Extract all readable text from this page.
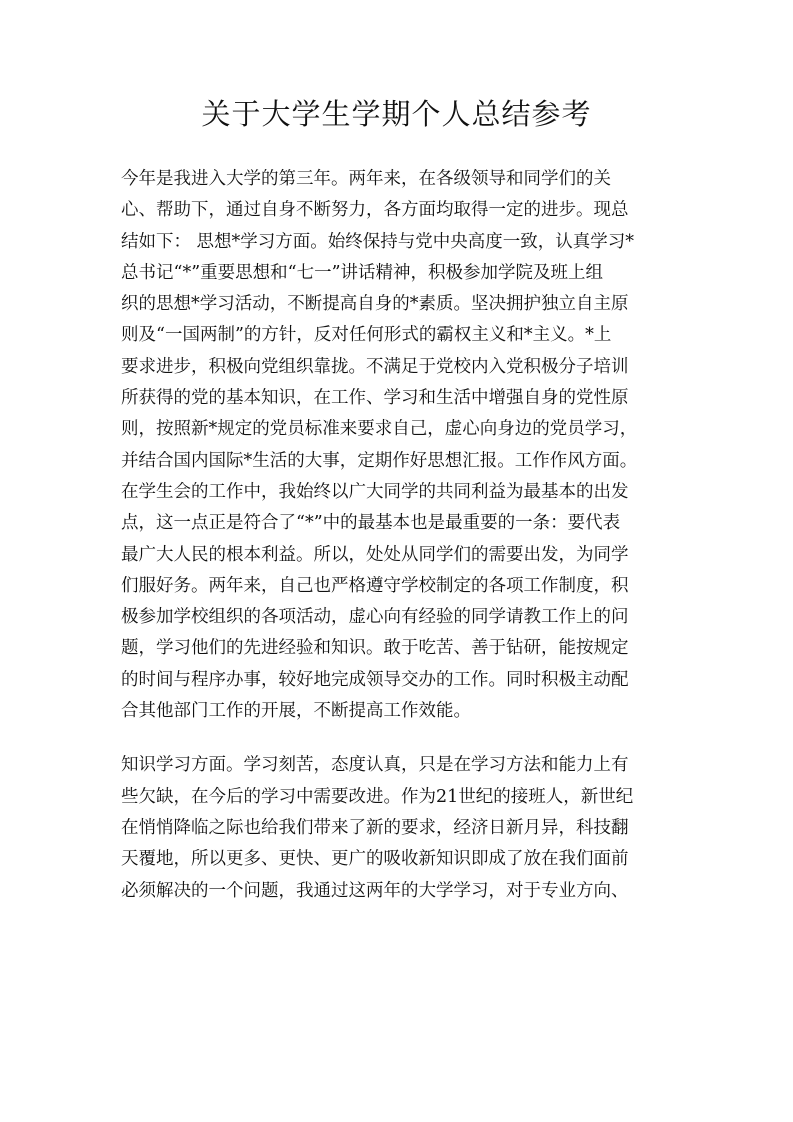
关于大学生学期个人总结参考
今年是我进入大学的第三年。两年来，在各级领导和同学们的关
心、帮助下，通过自身不断努力，各方面均取得一定的进步。现总
结如下： 思想*学习方面。始终保持与党中央高度一致，认真学习*
总书记“*”重要思想和“七一”讲话精神，积极参加学院及班上组
织的思想*学习活动，不断提高自身的*素质。坚决拥护独立自主原
则及“一国两制”的方针，反对任何形式的霸权主义和*主义。*上
要求进步，积极向党组织靠拢。不满足于党校内入党积极分子培训
所获得的党的基本知识，在工作、学习和生活中增强自身的党性原
则，按照新*规定的党员标准来要求自己，虚心向身边的党员学习，
并结合国内国际*生活的大事，定期作好思想汇报。工作作风方面。
在学生会的工作中，我始终以广大同学的共同利益为最基本的出发
点，这一点正是符合了“*”中的最基本也是最重要的一条：要代表
最广大人民的根本利益。所以，处处从同学们的需要出发，为同学
们服好务。两年来，自己也严格遵守学校制定的各项工作制度，积
极参加学校组织的各项活动，虚心向有经验的同学请教工作上的问
题，学习他们的先进经验和知识。敢于吃苦、善于钻研，能按规定
的时间与程序办事，较好地完成领导交办的工作。同时积极主动配
合其他部门工作的开展，不断提高工作效能。
知识学习方面。学习刻苦，态度认真，只是在学习方法和能力上有
些欠缺，在今后的学习中需要改进。作为21世纪的接班人，新世纪
在悄悄降临之际也给我们带来了新的要求，经济日新月异，科技翻
天覆地，所以更多、更快、更广的吸收新知识即成了放在我们面前
必须解决的一个问题，我通过这两年的大学学习，对于专业方向、
